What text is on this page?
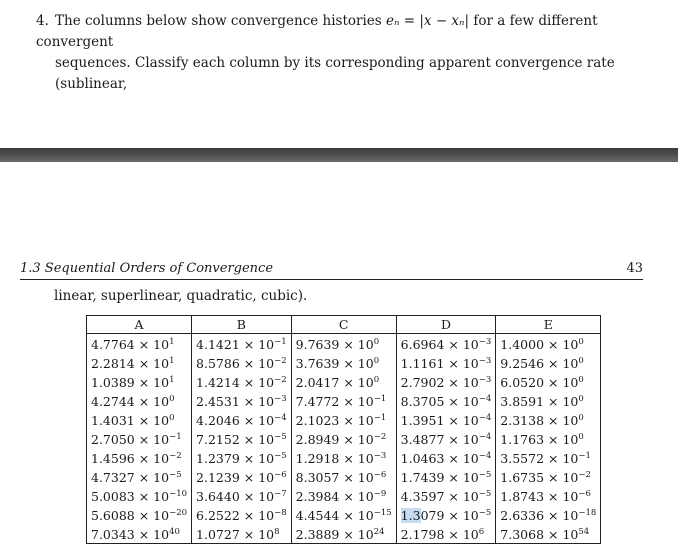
4. The columns below show convergence histories eₙ = |x − xₙ| for a few different convergent
sequences. Classify each column by its corresponding apparent convergence rate (sublinear,
1.3 Sequential Orders of Convergence	43
linear, superlinear, quadratic, cubic).
A	B	C	D	E
$4.7764 \times 10^1$	$4.1421 \times 10^{-1}$	$9.7639 \times 10^0$	$6.6964 \times 10^{-3}$	$1.4000 \times 10^0$
$2.2814 \times 10^1$	$8.5786 \times 10^{-2}$	$3.7639 \times 10^0$	$1.1161 \times 10^{-3}$	$9.2546 \times 10^0$
$1.0389 \times 10^1$	$1.4214 \times 10^{-2}$	$2.0417 \times 10^0$	$2.7902 \times 10^{-3}$	$6.0520 \times 10^0$
$4.2744 \times 10^0$	$2.4531 \times 10^{-3}$	$7.4772 \times 10^{-1}$	$8.3705 \times 10^{-4}$	$3.8591 \times 10^0$
$1.4031 \times 10^0$	$4.2046 \times 10^{-4}$	$2.1023 \times 10^{-1}$	$1.3951 \times 10^{-4}$	$2.3138 \times 10^0$
$2.7050 \times 10^{-1}$	$7.2152 \times 10^{-5}$	$2.8949 \times 10^{-2}$	$3.4877 \times 10^{-4}$	$1.1763 \times 10^0$
$1.4596 \times 10^{-2}$	$1.2379 \times 10^{-5}$	$1.2918 \times 10^{-3}$	$1.0463 \times 10^{-4}$	$3.5572 \times 10^{-1}$
$4.7327 \times 10^{-5}$	$2.1239 \times 10^{-6}$	$8.3057 \times 10^{-6}$	$1.7439 \times 10^{-5}$	$1.6735 \times 10^{-2}$
$5.0083 \times 10^{-10}$	$3.6440 \times 10^{-7}$	$2.3984 \times 10^{-9}$	$4.3597 \times 10^{-5}$	$1.8743 \times 10^{-6}$
$5.6088 \times 10^{-20}$	$6.2522 \times 10^{-8}$	$4.4544 \times 10^{-15}$	$1.3079 \times 10^{-5}$	$2.6336 \times 10^{-18}$
$7.0343 \times 10^{40}$	$1.0727 \times 10^8$	$2.3889 \times 10^{24}$	$2.1798 \times 10^6$	$7.3068 \times 10^{54}$
